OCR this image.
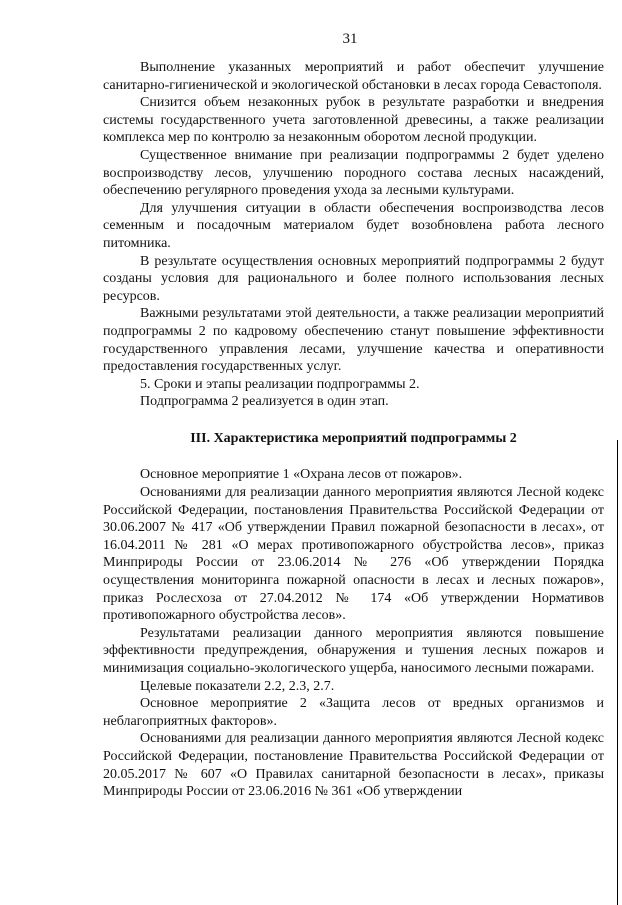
31

Выполнение указанных мероприятий и работ обеспечит улучшение санитарно-гигиенической и экологической обстановки в лесах города Севастополя.

Снизится объем незаконных рубок в результате разработки и внедрения системы государственного учета заготовленной древесины, а также реализации комплекса мер по контролю за незаконным оборотом лесной продукции.

Существенное внимание при реализации подпрограммы 2 будет уделено воспроизводству лесов, улучшению породного состава лесных насаждений, обеспечению регулярного проведения ухода за лесными культурами.

Для улучшения ситуации в области обеспечения воспроизводства лесов семенным и посадочным материалом будет возобновлена работа лесного питомника.

В результате осуществления основных мероприятий подпрограммы 2 будут созданы условия для рационального и более полного использования лесных ресурсов.

Важными результатами этой деятельности, а также реализации мероприятий подпрограммы 2 по кадровому обеспечению станут повышение эффективности государственного управления лесами, улучшение качества и оперативности предоставления государственных услуг.

5. Сроки и этапы реализации подпрограммы 2.

Подпрограмма 2 реализуется в один этап.

III. Характеристика мероприятий подпрограммы 2

Основное мероприятие 1 «Охрана лесов от пожаров».

Основаниями для реализации данного мероприятия являются Лесной кодекс Российской Федерации, постановления Правительства Российской Федерации от 30.06.2007 № 417 «Об утверждении Правил пожарной безопасности в лесах», от 16.04.2011 № 281 «О мерах противопожарного обустройства лесов», приказ Минприроды России от 23.06.2014 № 276 «Об утверждении Порядка осуществления мониторинга пожарной опасности в лесах и лесных пожаров», приказ Рослесхоза от 27.04.2012 № 174 «Об утверждении Нормативов противопожарного обустройства лесов».

Результатами реализации данного мероприятия являются повышение эффективности предупреждения, обнаружения и тушения лесных пожаров и минимизация социально-экологического ущерба, наносимого лесными пожарами.

Целевые показатели 2.2, 2.3, 2.7.

Основное мероприятие 2 «Защита лесов от вредных организмов и неблагоприятных факторов».

Основаниями для реализации данного мероприятия являются Лесной кодекс Российской Федерации, постановление Правительства Российской Федерации от 20.05.2017 № 607 «О Правилах санитарной безопасности в лесах», приказы Минприроды России от 23.06.2016 № 361 «Об утверждении
